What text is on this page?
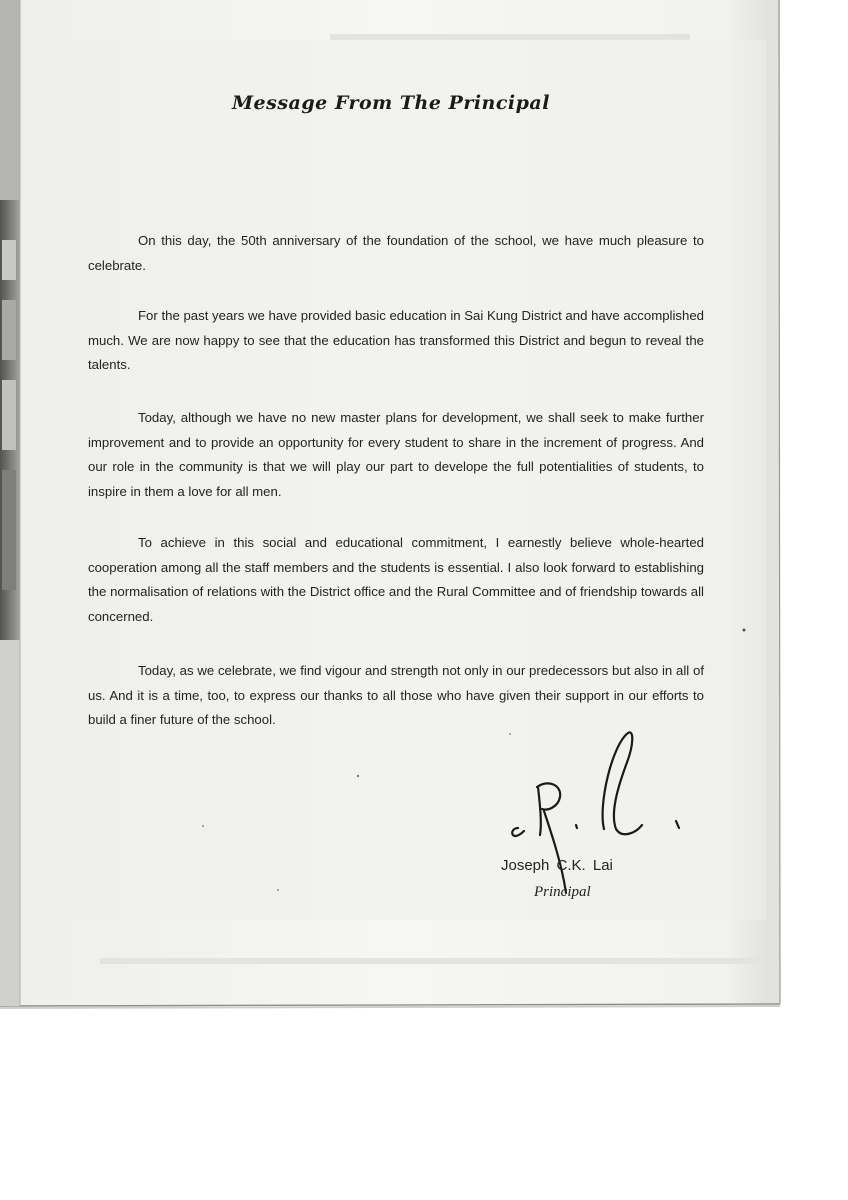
Message From The Principal

On this day, the 50th anniversary of the foundation of the school, we have much pleasure to celebrate.

For the past years we have provided basic education in Sai Kung District and have accomplished much. We are now happy to see that the education has transformed this District and begun to reveal the talents.

Today, although we have no new master plans for development, we shall seek to make further improvement and to provide an opportunity for every student to share in the increment of progress. And our role in the community is that we will play our part to develope the full potentialities of students, to inspire in them a love for all men.

To achieve in this social and educational commitment, I earnestly believe whole-hearted cooperation among all the staff members and the students is essential. I also look forward to establishing the normalisation of relations with the District office and the Rural Committee and of friendship towards all concerned.

Today, as we celebrate, we find vigour and strength not only in our predecessors but also in all of us. And it is a time, too, to express our thanks to all those who have given their support in our efforts to build a finer future of the school.

Joseph C.K. Lai
Principal
